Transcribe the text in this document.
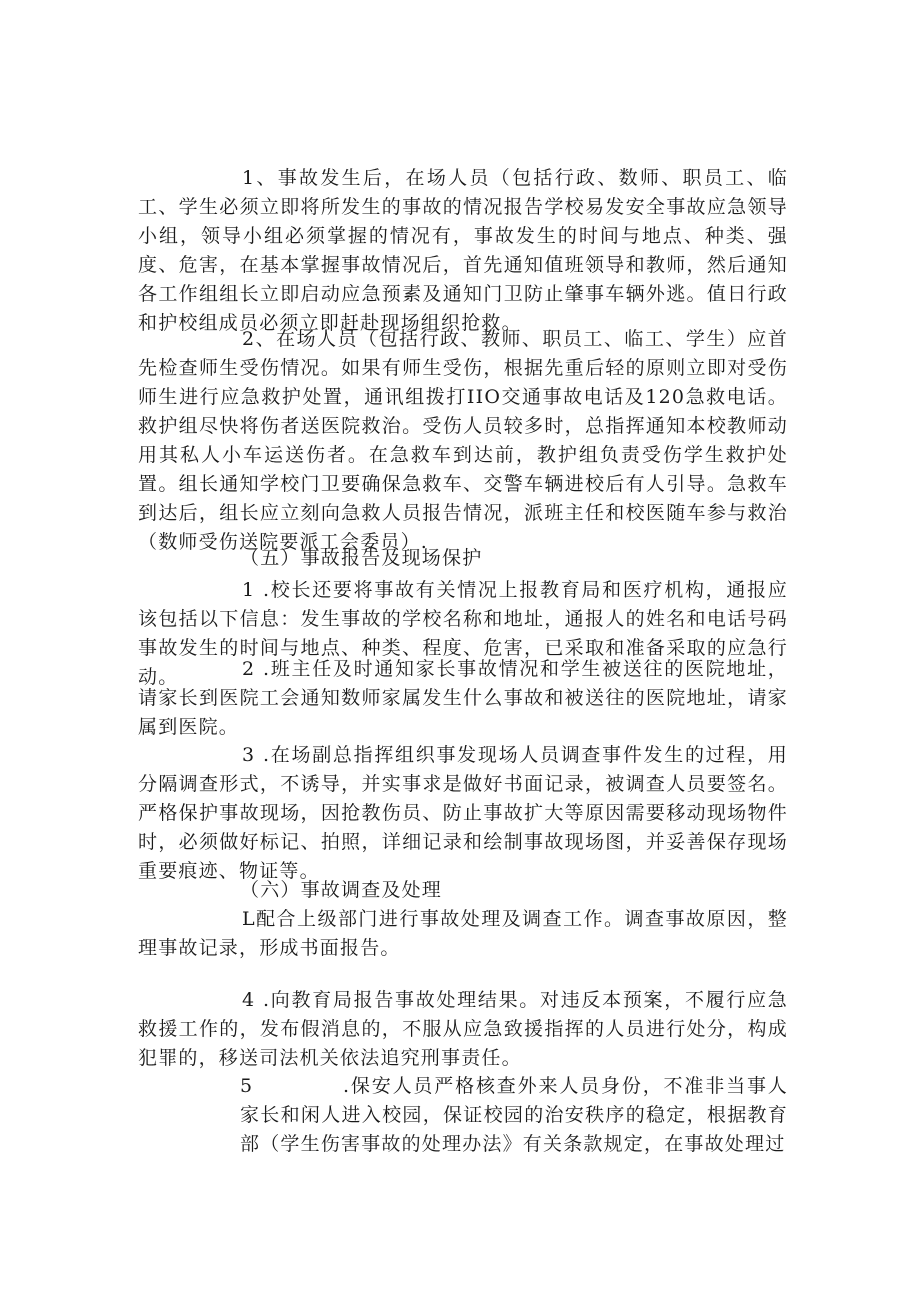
1、事故发生后，在场人员（包括行政、数师、职员工、临工、学生必须立即将所发生的事故的情况报告学校易发安全事故应急领导小组，领导小组必须掌握的情况有，事故发生的时间与地点、种类、强度、危害，在基本掌握事故情况后，首先通知值班领导和教师，然后通知各工作组组长立即启动应急预素及通知门卫防止肇事车辆外逃。值日行政和护校组成员必须立即赶赴现场组织抢救。

2、在场人员（包括行政、教师、职员工、临工、学生）应首先检查师生受伤情况。如果有师生受伤，根据先重后轻的原则立即对受伤师生进行应急救护处置，通讯组拨打IIO交通事故电话及120急救电话。救护组尽快将伤者送医院救治。受伤人员较多时，总指挥通知本校教师动用其私人小车运送伤者。在急救车到达前，教护组负责受伤学生救护处置。组长通知学校门卫要确保急救车、交警车辆进校后有人引导。急救车到达后，组长应立刻向急救人员报告情况，派班主任和校医随车参与救治（数师受伤送院要派工会委员）.

（五）事故报告及现场保护

1 .校长还要将事故有关情况上报教育局和医疗机构，通报应该包括以下信息：发生事故的学校名称和地址，通报人的姓名和电话号码事故发生的时间与地点、种类、程度、危害，已采取和准备采取的应急行动。	2 .班主任及时通知家长事故情况和学生被送往的医院地址，请家长到医院工会通知数师家属发生什么事故和被送往的医院地址，请家属到医院。

3 .在场副总指挥组织事发现场人员调查事件发生的过程，用分隔调查形式，不诱导，并实事求是做好书面记录，被调查人员要签名。严格保护事故现场，因抢教伤员、防止事故扩大等原因需要移动现场物件时，必须做好标记、拍照，详细记录和绘制事故现场图，并妥善保存现场重要痕迹、物证等。

（六）事故调查及处理

L配合上级部门进行事故处理及调查工作。调查事故原因，整理事故记录，形成书面报告。

4 .向教育局报告事故处理结果。对违反本预案，不履行应急救援工作的，发布假消息的，不服从应急致援指挥的人员进行处分，构成犯罪的，移送司法机关依法追究刑事责任。

5	.保安人员严格核查外来人员身份，不准非当事人家长和闲人进入校园，保证校园的治安秩序的稳定，根据教育部（学生伤害事故的处理办法》有关条款规定，在事故处理过
